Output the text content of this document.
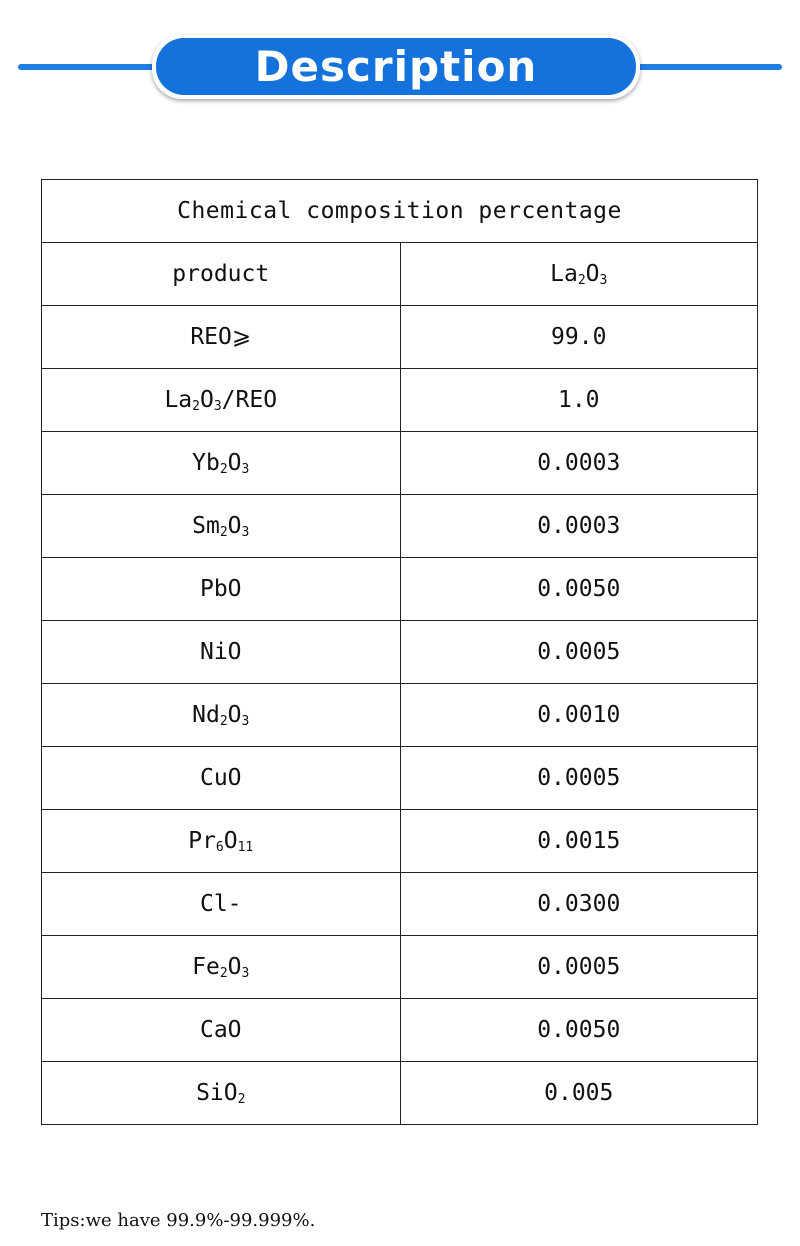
Description
Chemical composition percentage	
product	$La_2O_3$
REO⩾	99.0
$La_2O_3$/REO	1.0
$Yb_2O_3$	0.0003
$Sm_2O_3$	0.0003
PbO	0.0050
NiO	0.0005
$Nd_2O_3$	0.0010
CuO	0.0005
$Pr_6O_{11}$	0.0015
Cl-	0.0300
$Fe_2O_3$	0.0005
CaO	0.0050
SiO$_2$	0.005
Tips:we have 99.9%-99.999%.
